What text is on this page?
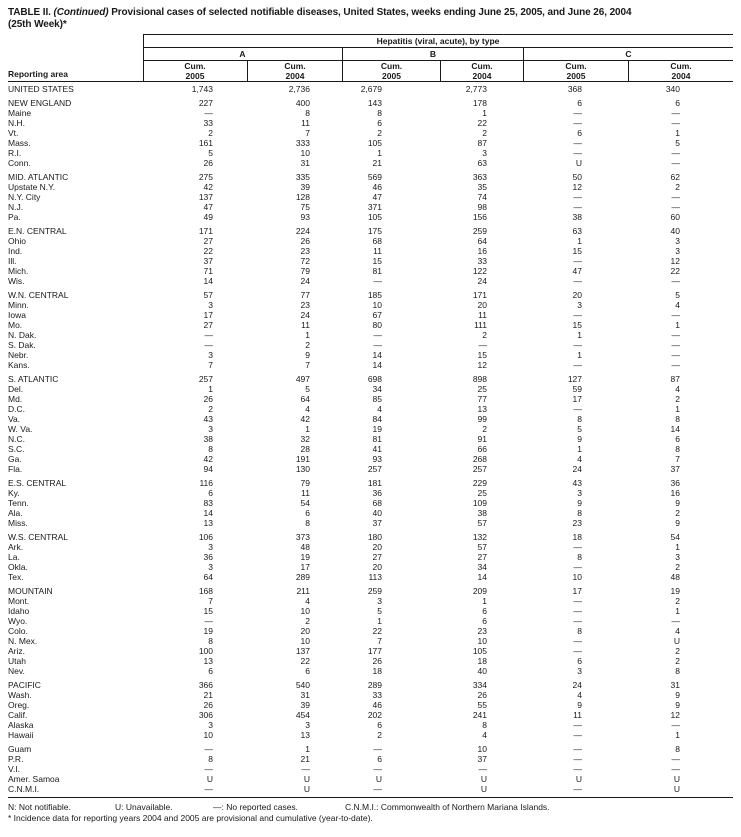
TABLE II. (Continued) Provisional cases of selected notifiable diseases, United States, weeks ending June 25, 2005, and June 26, 2004
(25th Week)*
Hepatitis (viral, acute), by type
A	B	C
Cum.
2005
Cum.
2004
Cum.
2005
Cum.
2004
Cum.
2005
Cum.
2004
Reporting area
UNITED STATES	1,743	2,736	2,679	2,773	368	340
NEW ENGLAND	227	400	143	178	6	6
Maine	—	8	8	1	—	—
N.H.	33	11	6	22	—	—
Vt.	2	7	2	2	6	1
Mass.	161	333	105	87	—	5
R.I.	5	10	1	3	—	—
Conn.	26	31	21	63	U	—
MID. ATLANTIC	275	335	569	363	50	62
Upstate N.Y.	42	39	46	35	12	2
N.Y. City	137	128	47	74	—	—
N.J.	47	75	371	98	—	—
Pa.	49	93	105	156	38	60
E.N. CENTRAL	171	224	175	259	63	40
Ohio	27	26	68	64	1	3
Ind.	22	23	11	16	15	3
Ill.	37	72	15	33	—	12
Mich.	71	79	81	122	47	22
Wis.	14	24	—	24	—	—
W.N. CENTRAL	57	77	185	171	20	5
Minn.	3	23	10	20	3	4
Iowa	17	24	67	11	—	—
Mo.	27	11	80	111	15	1
N. Dak.	—	1	—	2	1	—
S. Dak.	—	2	—	—	—	—
Nebr.	3	9	14	15	1	—
Kans.	7	7	14	12	—	—
S. ATLANTIC	257	497	698	898	127	87
Del.	1	5	34	25	59	4
Md.	26	64	85	77	17	2
D.C.	2	4	4	13	—	1
Va.	43	42	84	99	8	8
W. Va.	3	1	19	2	5	14
N.C.	38	32	81	91	9	6
S.C.	8	28	41	66	1	8
Ga.	42	191	93	268	4	7
Fla.	94	130	257	257	24	37
E.S. CENTRAL	116	79	181	229	43	36
Ky.	6	11	36	25	3	16
Tenn.	83	54	68	109	9	9
Ala.	14	6	40	38	8	2
Miss.	13	8	37	57	23	9
W.S. CENTRAL	106	373	180	132	18	54
Ark.	3	48	20	57	—	1
La.	36	19	27	27	8	3
Okla.	3	17	20	34	—	2
Tex.	64	289	113	14	10	48
MOUNTAIN	168	211	259	209	17	19
Mont.	7	4	3	1	—	2
Idaho	15	10	5	6	—	1
Wyo.	—	2	1	6	—	—
Colo.	19	20	22	23	8	4
N. Mex.	8	10	7	10	—	U
Ariz.	100	137	177	105	—	2
Utah	13	22	26	18	6	2
Nev.	6	6	18	40	3	8
PACIFIC	366	540	289	334	24	31
Wash.	21	31	33	26	4	9
Oreg.	26	39	46	55	9	9
Calif.	306	454	202	241	11	12
Alaska	3	3	6	8	—	—
Hawaii	10	13	2	4	—	1
Guam	—	1	—	10	—	8
P.R.	8	21	6	37	—	—
V.I.	—	—	—	—	—	—
Amer. Samoa	U	U	U	U	U	U
C.N.M.I.	—	U	—	U	—	U
N: Not notifiable.	U: Unavailable.	—: No reported cases.	C.N.M.I.: Commonwealth of Northern Mariana Islands.
* Incidence data for reporting years 2004 and 2005 are provisional and cumulative (year-to-date).
